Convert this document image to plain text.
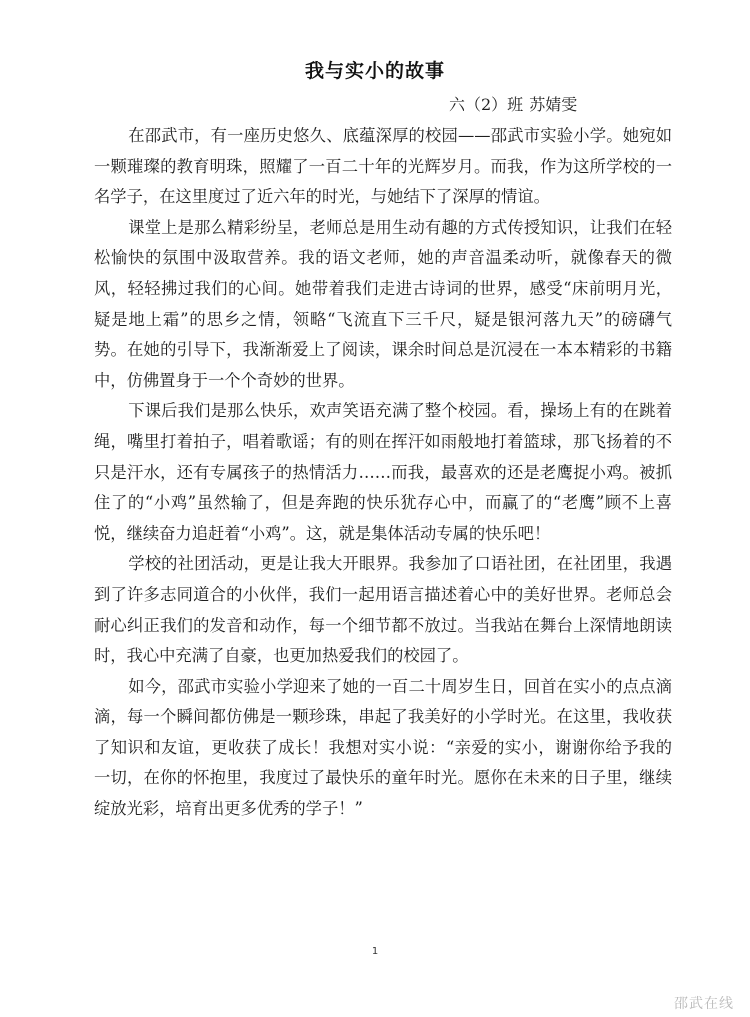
我与实小的故事
六（2）班 苏婧雯

在邵武市，有一座历史悠久、底蕴深厚的校园——邵武市实验小学。她宛如一颗璀璨的教育明珠，照耀了一百二十年的光辉岁月。而我，作为这所学校的一名学子，在这里度过了近六年的时光，与她结下了深厚的情谊。

课堂上是那么精彩纷呈，老师总是用生动有趣的方式传授知识，让我们在轻松愉快的氛围中汲取营养。我的语文老师，她的声音温柔动听，就像春天的微风，轻轻拂过我们的心间。她带着我们走进古诗词的世界，感受“床前明月光，疑是地上霜”的思乡之情，领略“飞流直下三千尺，疑是银河落九天”的磅礴气势。在她的引导下，我渐渐爱上了阅读，课余时间总是沉浸在一本本精彩的书籍中，仿佛置身于一个个奇妙的世界。

下课后我们是那么快乐，欢声笑语充满了整个校园。看，操场上有的在跳着绳，嘴里打着拍子，唱着歌谣；有的则在挥汗如雨般地打着篮球，那飞扬着的不只是汗水，还有专属孩子的热情活力……而我，最喜欢的还是老鹰捉小鸡。被抓住了的“小鸡”虽然输了，但是奔跑的快乐犹存心中，而赢了的“老鹰”顾不上喜悦，继续奋力追赶着“小鸡”。这，就是集体活动专属的快乐吧！

学校的社团活动，更是让我大开眼界。我参加了口语社团，在社团里，我遇到了许多志同道合的小伙伴，我们一起用语言描述着心中的美好世界。老师总会耐心纠正我们的发音和动作，每一个细节都不放过。当我站在舞台上深情地朗读时，我心中充满了自豪，也更加热爱我们的校园了。

如今，邵武市实验小学迎来了她的一百二十周岁生日，回首在实小的点点滴滴，每一个瞬间都仿佛是一颗珍珠，串起了我美好的小学时光。在这里，我收获了知识和友谊，更收获了成长！我想对实小说：“亲爱的实小，谢谢你给予我的一切，在你的怀抱里，我度过了最快乐的童年时光。愿你在未来的日子里，继续绽放光彩，培育出更多优秀的学子！”

1
邵武在线
